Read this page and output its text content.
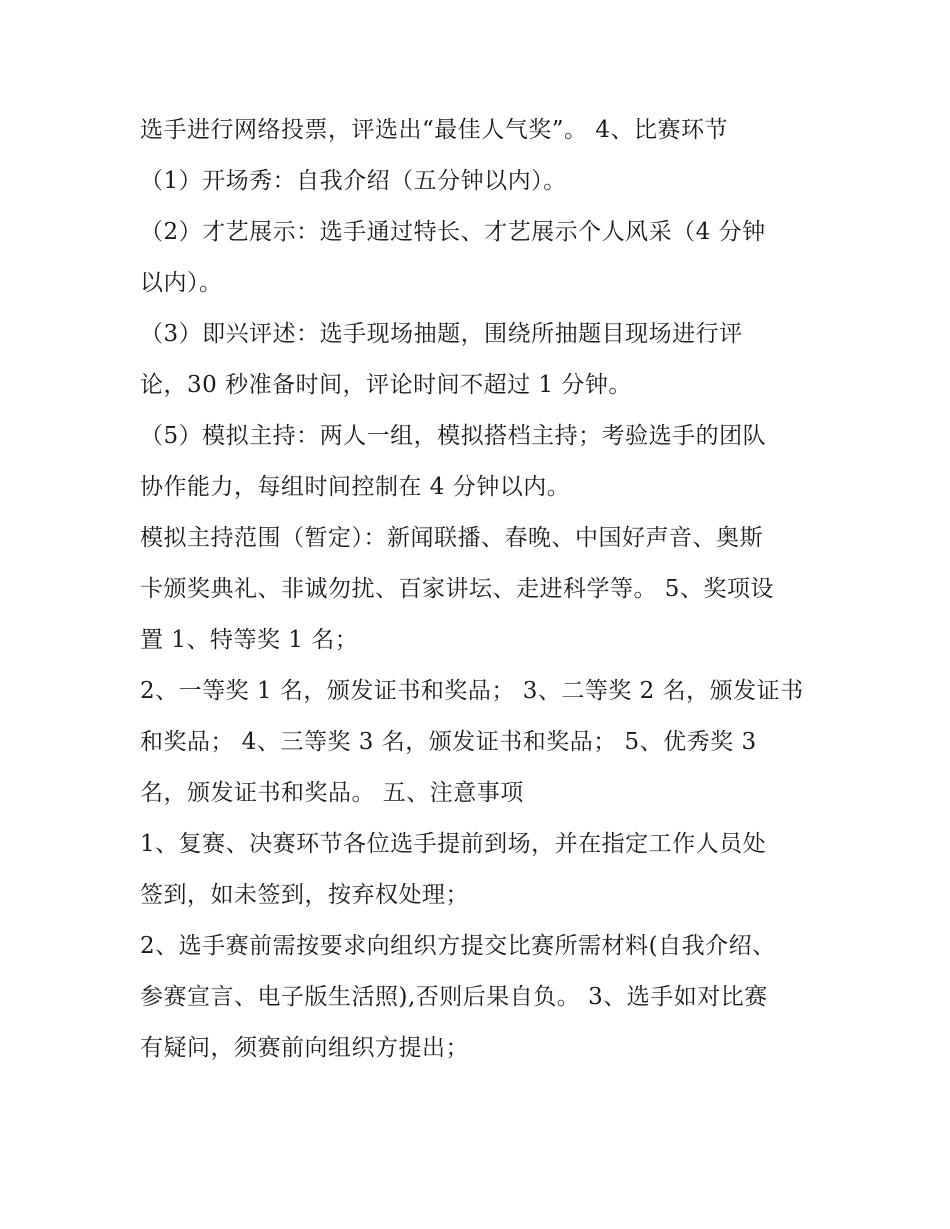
选手进行网络投票，评选出“最佳人气奖”。 4、比赛环节
（1）开场秀：自我介绍（五分钟以内）。
（2）才艺展示：选手通过特长、才艺展示个人风采（4 分钟
以内）。
（3）即兴评述：选手现场抽题，围绕所抽题目现场进行评
论，30 秒准备时间，评论时间不超过 1 分钟。
（5）模拟主持：两人一组，模拟搭档主持；考验选手的团队
协作能力，每组时间控制在 4 分钟以内。
模拟主持范围（暂定）：新闻联播、春晚、中国好声音、奥斯
卡颁奖典礼、非诚勿扰、百家讲坛、走进科学等。 5、奖项设
置 1、特等奖 1 名；
2、一等奖 1 名，颁发证书和奖品； 3、二等奖 2 名，颁发证书
和奖品； 4、三等奖 3 名，颁发证书和奖品； 5、优秀奖 3
名，颁发证书和奖品。 五、注意事项
1、复赛、决赛环节各位选手提前到场，并在指定工作人员处
签到，如未签到，按弃权处理；
2、选手赛前需按要求向组织方提交比赛所需材料(自我介绍、
参赛宣言、电子版生活照),否则后果自负。 3、选手如对比赛
有疑问，须赛前向组织方提出；
